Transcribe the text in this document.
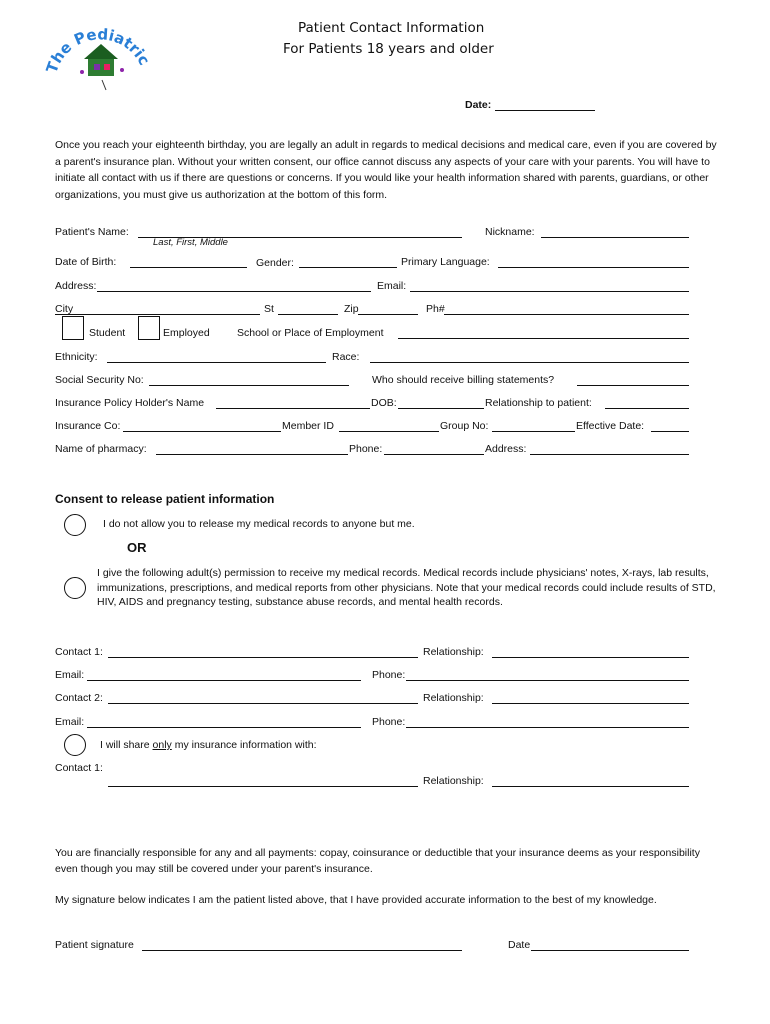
The Pediatric
Patient Contact Information
For Patients 18 years and older
Date:
Once you reach your eighteenth birthday, you are legally an adult in regards to medical decisions and medical care, even if you are covered by a parent's insurance plan. Without your written consent, our office cannot discuss any aspects of your care with your parents. You will have to initiate all contact with us if there are questions or concerns. If you would like your health information shared with parents, guardians, or other organizations, you must give us authorization at the bottom of this form.
Patient's Name:
Last, First, Middle
Nickname:
Date of Birth:	Gender:	Primary Language:
Address:	Email:
City	St	Zip	Ph#
Student	Employed	School or Place of Employment
Ethnicity:	Race:
Social Security No:	Who should receive billing statements?
Insurance Policy Holder's Name	DOB:	Relationship to patient:
Insurance Co:	Member ID	Group No:	Effective Date:
Name of pharmacy:	Phone:	Address:
Consent to release patient information
I do not allow you to release my medical records to anyone but me.
OR
I give the following adult(s) permission to receive my medical records. Medical records include physicians' notes, X-rays, lab results, immunizations, prescriptions, and medical reports from other physicians. Note that your medical records could include results of STD, HIV, AIDS and pregnancy testing, substance abuse records, and mental health records.
Contact 1:	Relationship:
Email:	Phone:
Contact 2:	Relationship:
Email:	Phone:
I will share only my insurance information with:
Contact 1:
Relationship:
You are financially responsible for any and all payments: copay, coinsurance or deductible that your insurance deems as your responsibility even though you may still be covered under your parent's insurance.
My signature below indicates I am the patient listed above, that I have provided accurate information to the best of my knowledge.
Patient signature	Date
